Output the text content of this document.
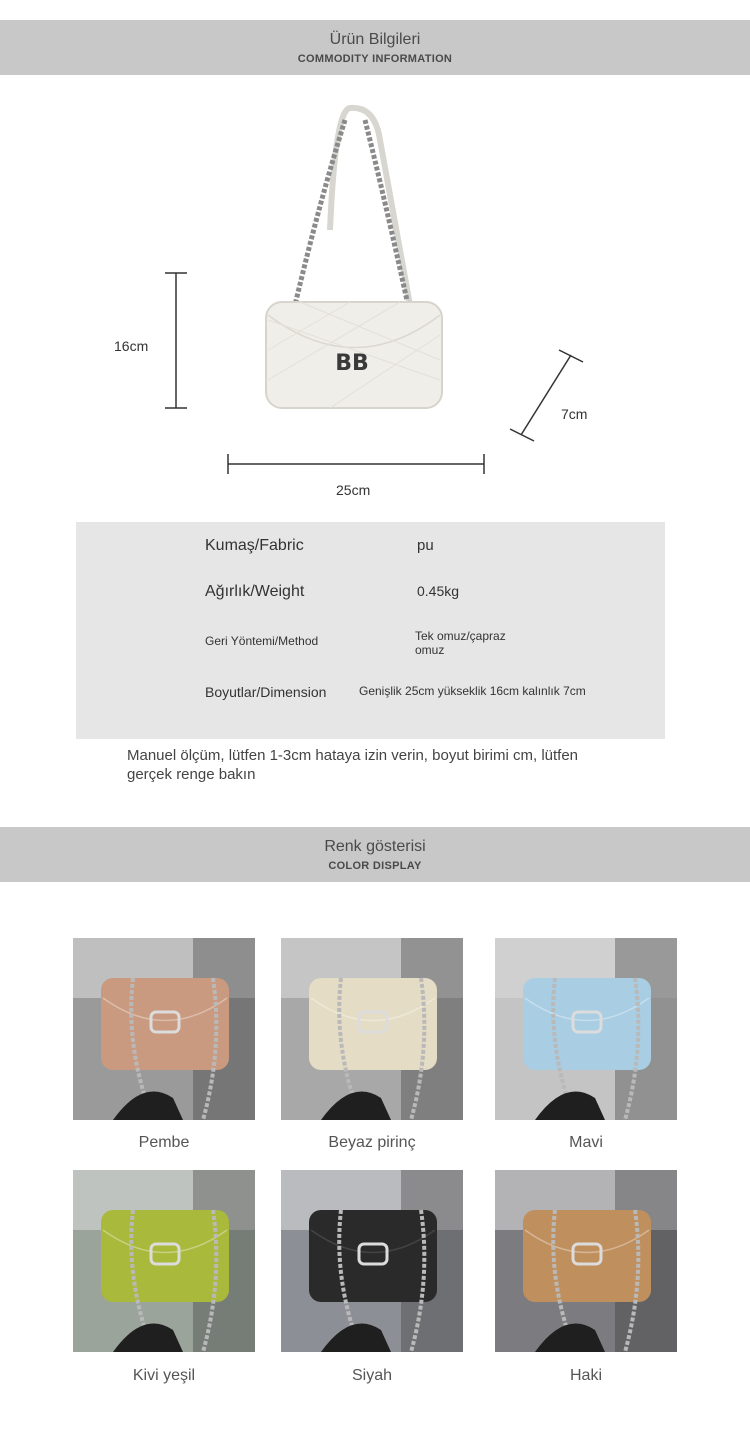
Ürün Bilgileri
COMMODITY INFORMATION
BB
16cm
7cm
25cm
Kumaş/Fabric	pu
Ağırlık/Weight	0.45kg
Geri Yöntemi/Method	Tek omuz/çapraz omuz
Boyutlar/Dimension	Genişlik 25cm yükseklik 16cm kalınlık 7cm
Manuel ölçüm, lütfen 1-3cm hataya izin verin, boyut birimi cm, lütfen gerçek renge bakın
Renk gösterisi
COLOR DISPLAY
Pembe	Beyaz pirinç	Mavi
Kivi yeşil	Siyah	Haki
